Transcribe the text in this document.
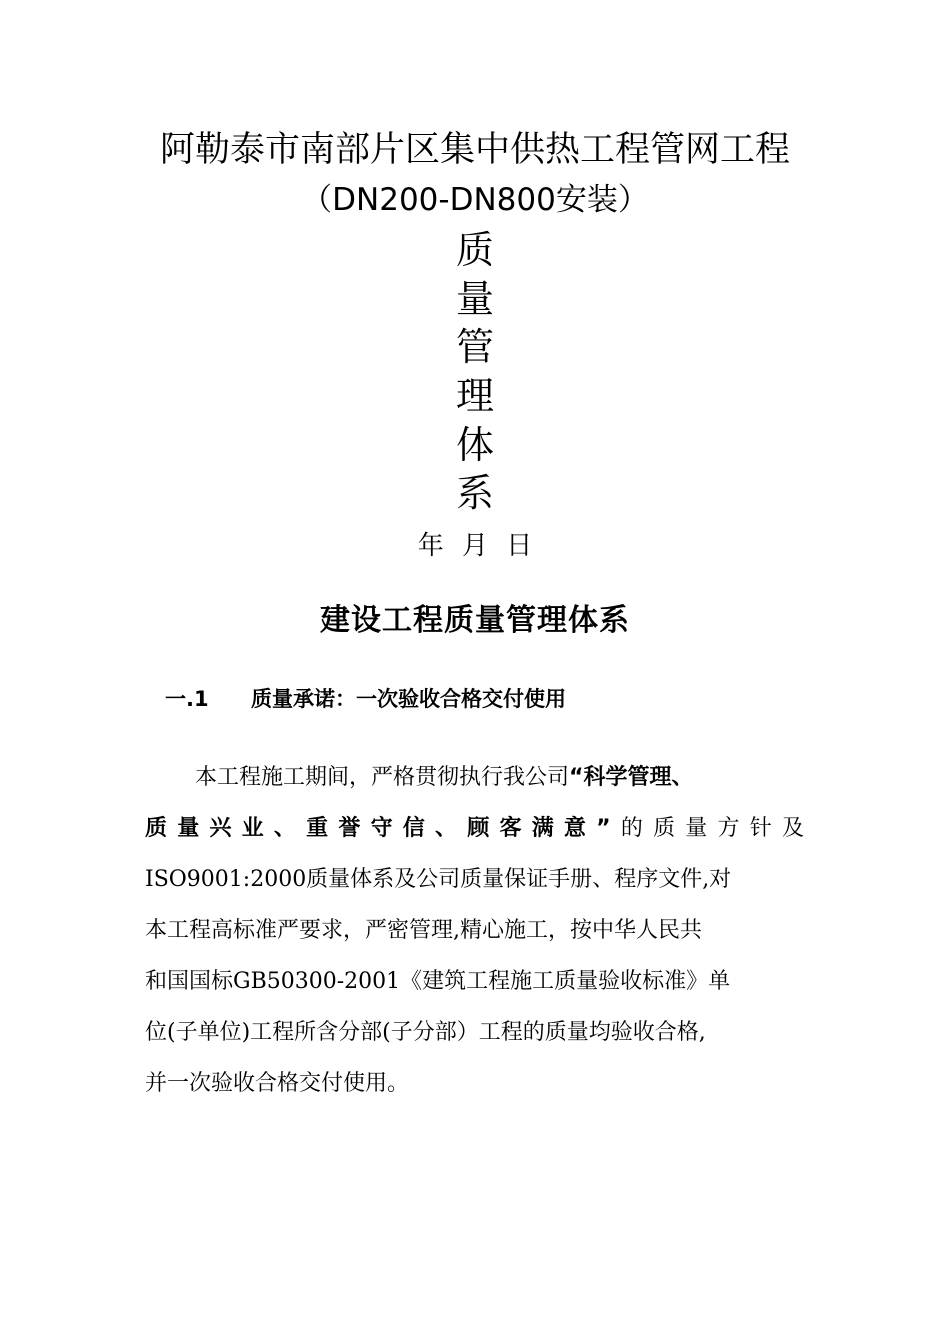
阿勒泰市南部片区集中供热工程管网工程
（DN200-DN800安装）
质
量
管
理
体
系
年 月 日
建设工程质量管理体系
一.1 质量承诺：一次验收合格交付使用
本工程施工期间，严格贯彻执行我公司“科学管理、
质量兴业、重誉守信、顾客满意”的质量方针及
ISO9001:2000质量体系及公司质量保证手册、程序文件,对
本工程高标准严要求，严密管理,精心施工，按中华人民共
和国国标GB50300-2001《建筑工程施工质量验收标准》单
位(子单位)工程所含分部(子分部）工程的质量均验收合格,
并一次验收合格交付使用。
